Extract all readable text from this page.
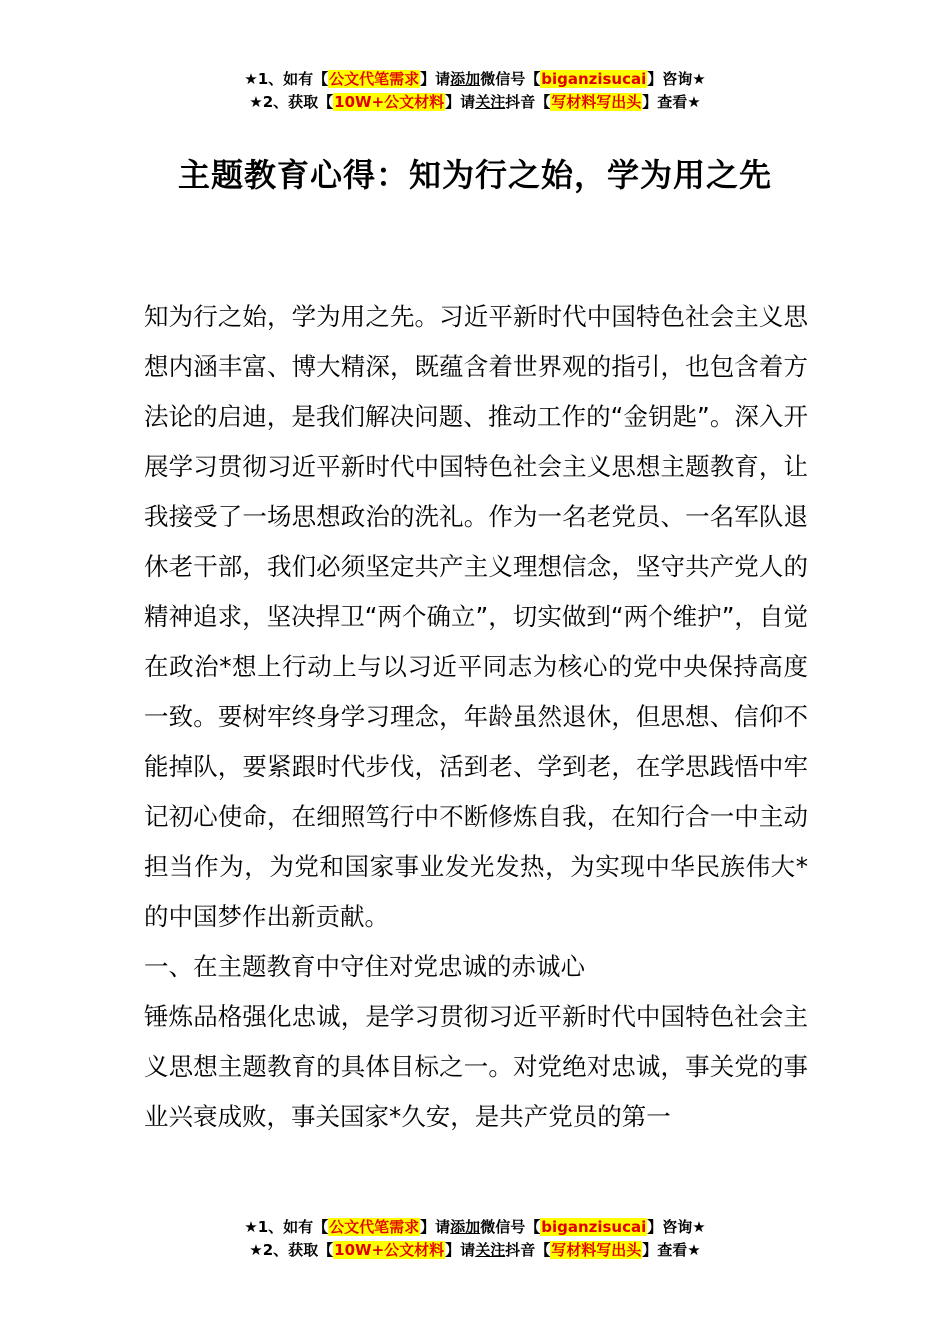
★1、如有【公文代笔需求】请添加微信号【biganzisucai】咨询★
★2、获取【10W+公文材料】请关注抖音【写材料写出头】查看★
主题教育心得：知为行之始，学为用之先

知为行之始，学为用之先。习近平新时代中国特色社会主义思想内涵丰富、博大精深，既蕴含着世界观的指引，也包含着方法论的启迪，是我们解决问题、推动工作的“金钥匙”。深入开展学习贯彻习近平新时代中国特色社会主义思想主题教育，让我接受了一场思想政治的洗礼。作为一名老党员、一名军队退休老干部，我们必须坚定共产主义理想信念，坚守共产党人的精神追求，坚决捍卫“两个确立”，切实做到“两个维护”，自觉在政治*想上行动上与以习近平同志为核心的党中央保持高度一致。要树牢终身学习理念，年龄虽然退休，但思想、信仰不能掉队，要紧跟时代步伐，活到老、学到老，在学思践悟中牢记初心使命，在细照笃行中不断修炼自我，在知行合一中主动担当作为，为党和国家事业发光发热，为实现中华民族伟大*的中国梦作出新贡献。

一、在主题教育中守住对党忠诚的赤诚心

锤炼品格强化忠诚，是学习贯彻习近平新时代中国特色社会主义思想主题教育的具体目标之一。对党绝对忠诚，事关党的事业兴衰成败，事关国家*久安，是共产党员的第一

★1、如有【公文代笔需求】请添加微信号【biganzisucai】咨询★
★2、获取【10W+公文材料】请关注抖音【写材料写出头】查看★
